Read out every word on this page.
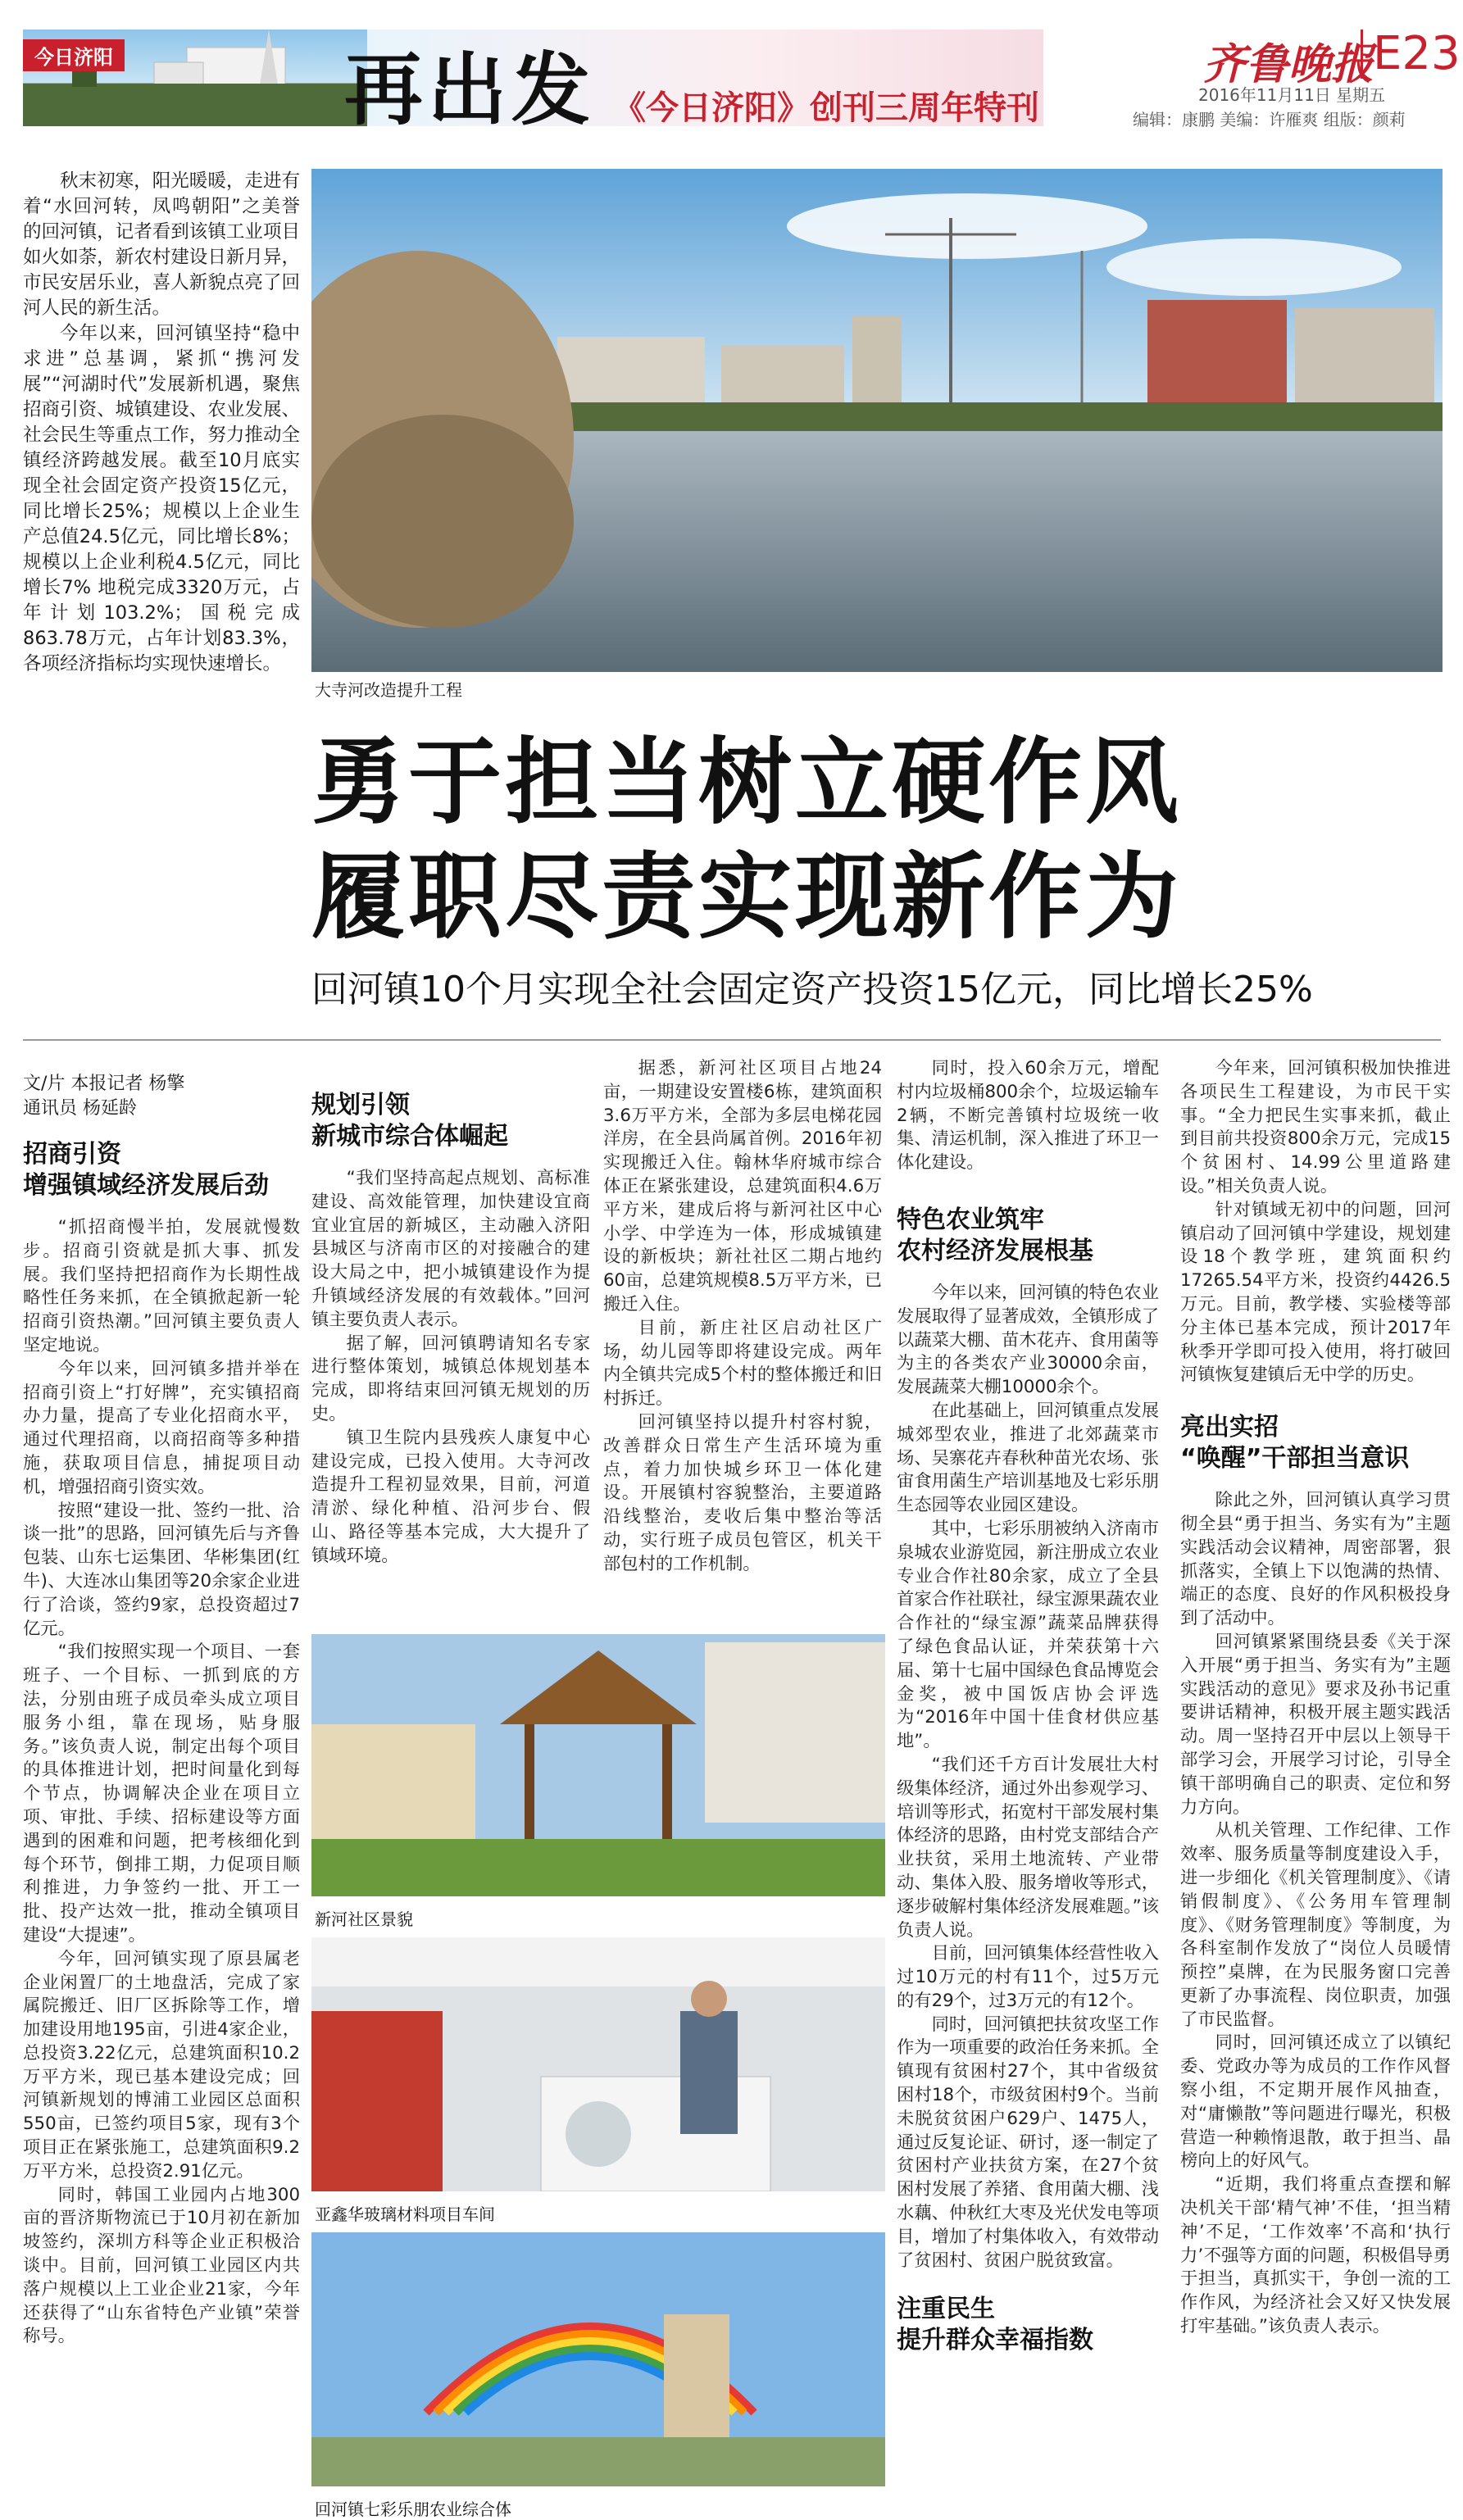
今日济阳	再出发 《今日济阳》创刊三周年特刊
齐鲁晚报
E23
2016年11月11日 星期五
编辑：康鹏 美编：许雁爽 组版：颜莉

秋末初寒，阳光暖暖，走进有着“水回河转，凤鸣朝阳”之美誉的回河镇，记者看到该镇工业项目如火如荼，新农村建设日新月异，市民安居乐业，喜人新貌点亮了回河人民的新生活。

今年以来，回河镇坚持“稳中求进”总基调，紧抓“携河发展”“河湖时代”发展新机遇，聚焦招商引资、城镇建设、农业发展、社会民生等重点工作，努力推动全镇经济跨越发展。截至10月底实现全社会固定资产投资15亿元，同比增长25%；规模以上企业生产总值24.5亿元，同比增长8%；规模以上企业利税4.5亿元，同比增长7% 地税完成3320万元，占年计划103.2%；国税完成863.78万元，占年计划83.3%，各项经济指标均实现快速增长。

大寺河改造提升工程
勇于担当树立硬作风
履职尽责实现新作为
回河镇10个月实现全社会固定资产投资15亿元，同比增长25%
文/片 本报记者 杨擎
通讯员 杨延龄
招商引资
增强镇域经济发展后劲

“抓招商慢半拍，发展就慢数步。招商引资就是抓大事、抓发展。我们坚持把招商作为长期性战略性任务来抓，在全镇掀起新一轮招商引资热潮。”回河镇主要负责人坚定地说。

今年以来，回河镇多措并举在招商引资上“打好牌”，充实镇招商办力量，提高了专业化招商水平，通过代理招商，以商招商等多种措施，获取项目信息，捕捉项目动机，增强招商引资实效。

按照“建设一批、签约一批、洽谈一批”的思路，回河镇先后与齐鲁包装、山东七运集团、华彬集团(红牛)、大连冰山集团等20余家企业进行了洽谈，签约9家，总投资超过7亿元。

“我们按照实现一个项目、一套班子、一个目标、一抓到底的方法，分别由班子成员牵头成立项目服务小组，靠在现场，贴身服务。”该负责人说，制定出每个项目的具体推进计划，把时间量化到每个节点，协调解决企业在项目立项、审批、手续、招标建设等方面遇到的困难和问题，把考核细化到每个环节，倒排工期，力促项目顺利推进，力争签约一批、开工一批、投产达效一批，推动全镇项目建设“大提速”。

今年，回河镇实现了原县属老企业闲置厂的土地盘活，完成了家属院搬迁、旧厂区拆除等工作，增加建设用地195亩，引进4家企业，总投资3.22亿元，总建筑面积10.2万平方米，现已基本建设完成；回河镇新规划的博浦工业园区总面积550亩，已签约项目5家，现有3个项目正在紧张施工，总建筑面积9.2万平方米，总投资2.91亿元。

同时，韩国工业园内占地300亩的晋济斯物流已于10月初在新加坡签约，深圳方科等企业正积极洽谈中。目前，回河镇工业园区内共落户规模以上工业企业21家，今年还获得了“山东省特色产业镇”荣誉称号。

规划引领
新城市综合体崛起

“我们坚持高起点规划、高标准建设、高效能管理，加快建设宜商宜业宜居的新城区，主动融入济阳县城区与济南市区的对接融合的建设大局之中，把小城镇建设作为提升镇域经济发展的有效载体。”回河镇主要负责人表示。

据了解，回河镇聘请知名专家进行整体策划，城镇总体规划基本完成，即将结束回河镇无规划的历史。

镇卫生院内县残疾人康复中心建设完成，已投入使用。大寺河改造提升工程初显效果，目前，河道清淤、绿化种植、沿河步台、假山、路径等基本完成，大大提升了镇域环境。

据悉，新河社区项目占地24亩，一期建设安置楼6栋，建筑面积3.6万平方米，全部为多层电梯花园洋房，在全县尚属首例。2016年初实现搬迁入住。翰林华府城市综合体正在紧张建设，总建筑面积4.6万平方米，建成后将与新河社区中心小学、中学连为一体，形成城镇建设的新板块；新社社区二期占地约60亩，总建筑规模8.5万平方米，已搬迁入住。

目前，新庄社区启动社区广场，幼儿园等即将建设完成。两年内全镇共完成5个村的整体搬迁和旧村拆迁。

回河镇坚持以提升村容村貌，改善群众日常生产生活环境为重点，着力加快城乡环卫一体化建设。开展镇村容貌整治，主要道路沿线整治，麦收后集中整治等活动，实行班子成员包管区，机关干部包村的工作机制。

新河社区景貌
亚鑫华玻璃材料项目车间
回河镇七彩乐朋农业综合体

同时，投入60余万元，增配村内垃圾桶800余个，垃圾运输车2辆，不断完善镇村垃圾统一收集、清运机制，深入推进了环卫一体化建设。

特色农业筑牢
农村经济发展根基

今年以来，回河镇的特色农业发展取得了显著成效，全镇形成了以蔬菜大棚、苗木花卉、食用菌等为主的各类农产业30000余亩，发展蔬菜大棚10000余个。

在此基础上，回河镇重点发展城郊型农业，推进了北郊蔬菜市场、吴寨花卉春秋种苗光农场、张宙食用菌生产培训基地及七彩乐朋生态园等农业园区建设。

其中，七彩乐朋被纳入济南市泉城农业游览园，新注册成立农业专业合作社80余家，成立了全县首家合作社联社，绿宝源果蔬农业合作社的“绿宝源”蔬菜品牌获得了绿色食品认证，并荣获第十六届、第十七届中国绿色食品博览会金奖，被中国饭店协会评选为“2016年中国十佳食材供应基地”。

“我们还千方百计发展壮大村级集体经济，通过外出参观学习、培训等形式，拓宽村干部发展村集体经济的思路，由村党支部结合产业扶贫，采用土地流转、产业带动、集体入股、服务增收等形式，逐步破解村集体经济发展难题。”该负责人说。

目前，回河镇集体经营性收入过10万元的村有11个，过5万元的有29个，过3万元的有12个。

同时，回河镇把扶贫攻坚工作作为一项重要的政治任务来抓。全镇现有贫困村27个，其中省级贫困村18个，市级贫困村9个。当前未脱贫贫困户629户、1475人，通过反复论证、研讨，逐一制定了贫困村产业扶贫方案，在27个贫困村发展了养猪、食用菌大棚、浅水藕、仲秋红大枣及光伏发电等项目，增加了村集体收入，有效带动了贫困村、贫困户脱贫致富。

注重民生
提升群众幸福指数

今年来，回河镇积极加快推进各项民生工程建设，为市民干实事。“全力把民生实事来抓，截止到目前共投资800余万元，完成15个贫困村、14.99公里道路建设。”相关负责人说。

针对镇域无初中的问题，回河镇启动了回河镇中学建设，规划建设18个教学班，建筑面积约17265.54平方米，投资约4426.5万元。目前，教学楼、实验楼等部分主体已基本完成，预计2017年秋季开学即可投入使用，将打破回河镇恢复建镇后无中学的历史。

亮出实招
“唤醒”干部担当意识

除此之外，回河镇认真学习贯彻全县“勇于担当、务实有为”主题实践活动会议精神，周密部署，狠抓落实，全镇上下以饱满的热情、端正的态度、良好的作风积极投身到了活动中。

回河镇紧紧围绕县委《关于深入开展“勇于担当、务实有为”主题实践活动的意见》要求及孙书记重要讲话精神，积极开展主题实践活动。周一坚持召开中层以上领导干部学习会，开展学习讨论，引导全镇干部明确自己的职责、定位和努力方向。

从机关管理、工作纪律、工作效率、服务质量等制度建设入手，进一步细化《机关管理制度》、《请销假制度》、《公务用车管理制度》、《财务管理制度》等制度，为各科室制作发放了“岗位人员暖情预控”桌牌，在为民服务窗口完善更新了办事流程、岗位职责，加强了市民监督。

同时，回河镇还成立了以镇纪委、党政办等为成员的工作作风督察小组，不定期开展作风抽查，对“庸懒散”等问题进行曝光，积极营造一种赖惰退散，敢于担当、晶榜向上的好风气。

“近期，我们将重点查摆和解决机关干部‘精气神’不佳，‘担当精神’不足，‘工作效率’不高和‘执行力’不强等方面的问题，积极倡导勇于担当，真抓实干，争创一流的工作作风，为经济社会又好又快发展打牢基础。”该负责人表示。
